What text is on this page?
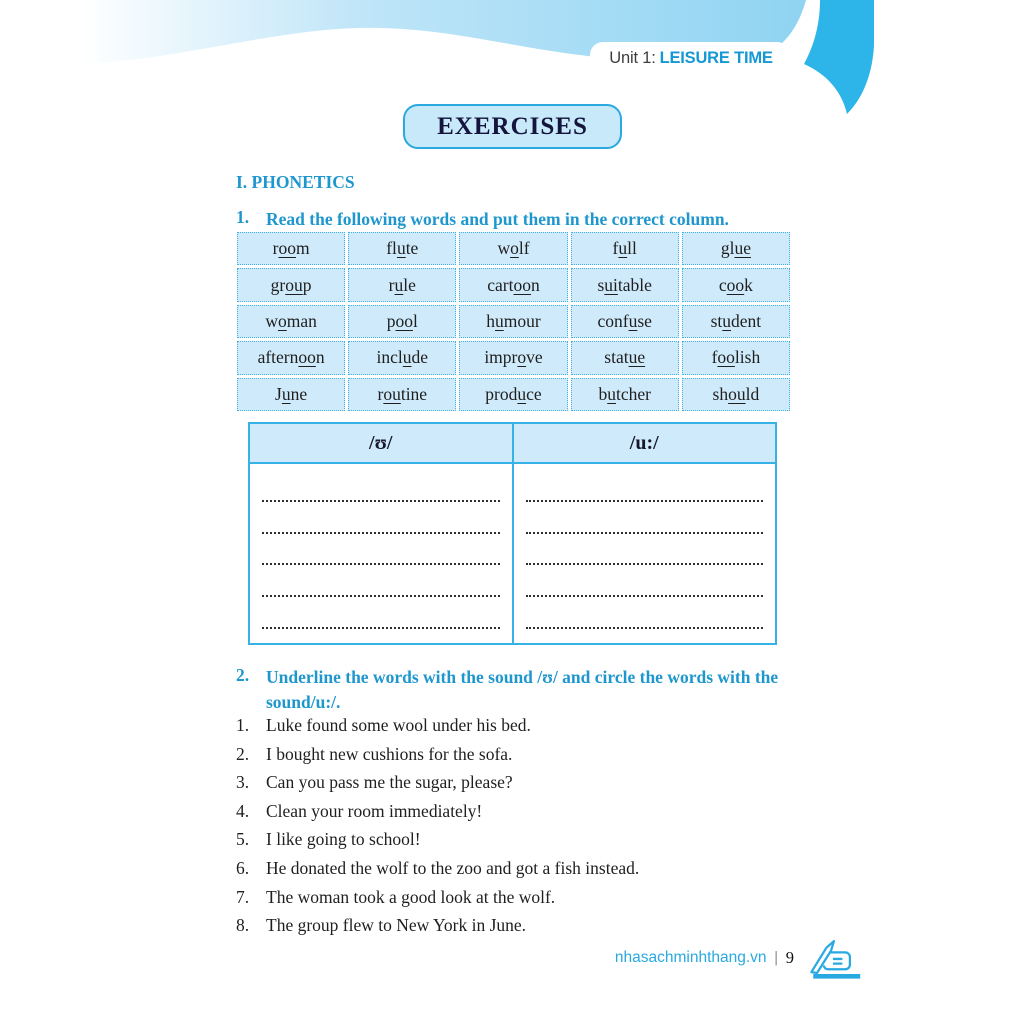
Unit 1: LEISURE TIME
EXERCISES
I. PHONETICS
1. Read the following words and put them in the correct column.
r oo m	fl u te	w o lf	f u ll	gl ue
gr ou p	r u le	cart oo n	s ui table	c oo k
w o man	p oo l	h u mour	conf u se	st u dent
aftern oo n	incl u de	impr o ve	stat ue	f oo lish
J u ne	r ou tine	prod u ce	b u tcher	sh ou ld
/ʊ/	/u:/
2. Underline the words with the sound /ʊ/ and circle the words with the sound/u:/.
1. Luke found some wool under his bed.
2. I bought new cushions for the sofa.
3. Can you pass me the sugar, please?
4. Clean your room immediately!
5. I like going to school!
6. He donated the wolf to the zoo and got a fish instead.
7. The woman took a good look at the wolf.
8. The group flew to New York in June.
nhasachminhthang.vn | 9
